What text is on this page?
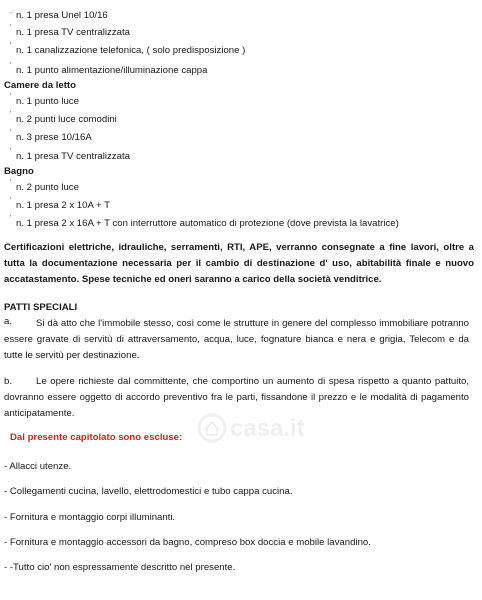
. n. 1 presa Unel 10/16
' n. 1 presa TV centralizzata
' n. 1 canalizzazione telefonica, ( solo predisposizione )
' n. 1 punto alimentazione/illuminazione cappa
Camere da letto
' n. 1 punto luce
' n. 2 punti luce comodini
' n. 3 prese 10/16A
' n. 1 presa TV centralizzata
Bagno
' n. 2 punto luce
' n. 1 presa 2 x 10A + T
' n. 1 presa 2 x 16A + T con interruttore automatico di protezione (dove prevista la lavatrice)
Certificazioni elettriche, idrauliche, serramenti, RTI, APE, verranno consegnate a fine lavori, oltre a tutta la documentazione necessaria per il cambio di destinazione d' uso, abitabilità finale e nuovo accatastamento. Spese tecniche ed oneri saranno a carico della società venditrice.
PATTI SPECIALI
a.	Si dà atto che l'immobile stesso, così come le strutture in genere del complesso immobiliare potranno essere gravate di servitù di attraversamento, acqua, luce, fognature bianca e nera e grigia, Telecom e da tutte le servitù per destinazione.
b.	Le opere richieste dal committente, che comportino un aumento di spesa rispetto a quanto pattuito, dovranno essere oggetto di accordo preventivo fra le parti, fissandone il prezzo e le modalità di pagamento anticipatamente.
casa.it
Dal presente capitolato sono escluse:
- Allacci utenze.
- Collegamenti cucina, lavello, elettrodomestici e tubo cappa cucina.
- Fornitura e montaggio corpi illuminanti.
- Fornitura e montaggio accessori da bagno, compreso box doccia e mobile lavandino.
- -Tutto cio' non espressamente descritto nel presente.
